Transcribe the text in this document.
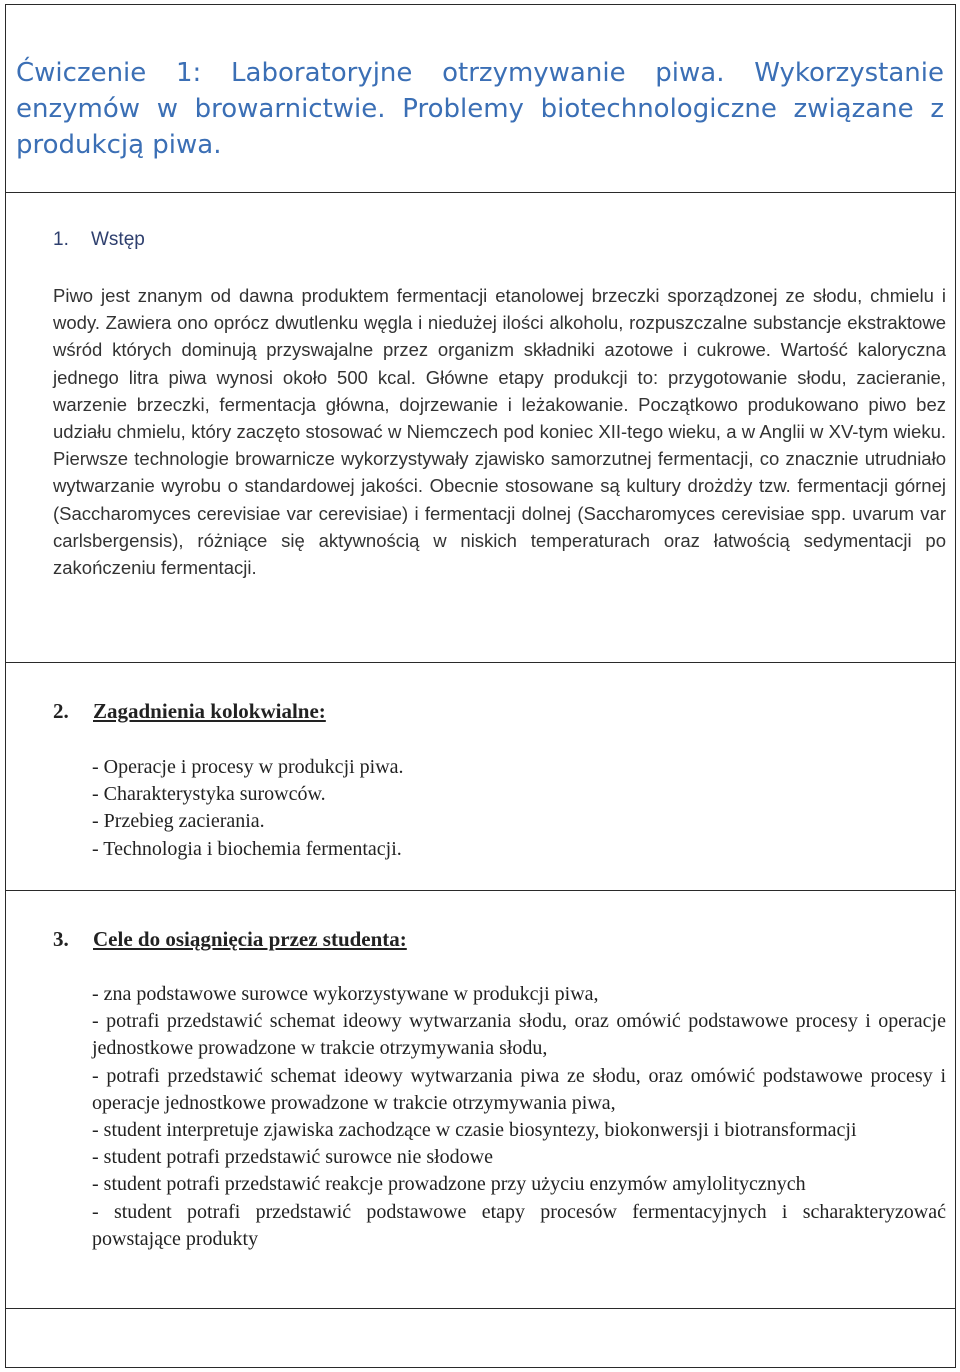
Ćwiczenie 1: Laboratoryjne otrzymywanie piwa. Wykorzystanie enzymów w browarnictwie. Problemy biotechnologiczne związane z produkcją piwa.
1. Wstęp

Piwo jest znanym od dawna produktem fermentacji etanolowej brzeczki sporządzonej ze słodu, chmielu i wody. Zawiera ono oprócz dwutlenku węgla i niedużej ilości alkoholu, rozpuszczalne substancje ekstraktowe wśród których dominują przyswajalne przez organizm składniki azotowe i cukrowe. Wartość kaloryczna jednego litra piwa wynosi około 500 kcal. Główne etapy produkcji to: przygotowanie słodu, zacieranie, warzenie brzeczki, fermentacja główna, dojrzewanie i leżakowanie. Początkowo produkowano piwo bez udziału chmielu, który zaczęto stosować w Niemczech pod koniec XII-tego wieku, a w Anglii w XV-tym wieku. Pierwsze technologie browarnicze wykorzystywały zjawisko samorzutnej fermentacji, co znacznie utrudniało wytwarzanie wyrobu o standardowej jakości. Obecnie stosowane są kultury drożdży tzw. fermentacji górnej (Saccharomyces cerevisiae var cerevisiae) i fermentacji dolnej (Saccharomyces cerevisiae spp. uvarum var carlsbergensis), różniące się aktywnością w niskich temperaturach oraz łatwością sedymentacji po zakończeniu fermentacji.

2. Zagadnienia kolokwialne:
- Operacje i procesy w produkcji piwa.
- Charakterystyka surowców.
- Przebieg zacierania.
- Technologia i biochemia fermentacji.
3. Cele do osiągnięcia przez studenta:
- zna podstawowe surowce wykorzystywane w produkcji piwa,
- potrafi przedstawić schemat ideowy wytwarzania słodu, oraz omówić podstawowe procesy i operacje jednostkowe prowadzone w trakcie otrzymywania słodu,
- potrafi przedstawić schemat ideowy wytwarzania piwa ze słodu, oraz omówić podstawowe procesy i operacje jednostkowe prowadzone w trakcie otrzymywania piwa,
- student interpretuje zjawiska zachodzące w czasie biosyntezy, biokonwersji i biotransformacji
- student potrafi przedstawić surowce nie słodowe
- student potrafi przedstawić reakcje prowadzone przy użyciu enzymów amylolitycznych
- student potrafi przedstawić podstawowe etapy procesów fermentacyjnych i scharakteryzować powstające produkty
